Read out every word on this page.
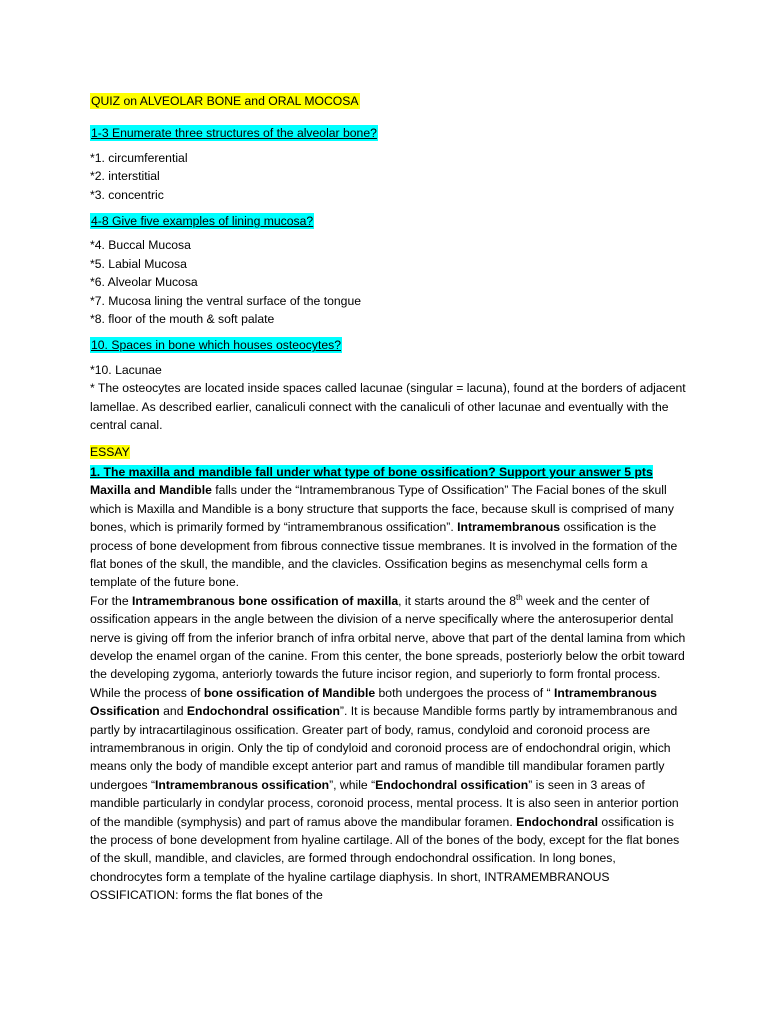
QUIZ on ALVEOLAR BONE and ORAL MOCOSA

1-3 Enumerate three structures of the alveolar bone?

*1. circumferential

*2. interstitial

*3. concentric

4-8 Give five examples of lining mucosa?

*4. Buccal Mucosa

*5. Labial Mucosa

*6. Alveolar Mucosa

*7. Mucosa lining the ventral surface of the tongue

*8. floor of the mouth & soft palate

10. Spaces in bone which houses osteocytes?

*10. Lacunae

* The osteocytes are located inside spaces called lacunae (singular = lacuna), found at the borders of adjacent lamellae. As described earlier, canaliculi connect with the canaliculi of other lacunae and eventually with the central canal.

ESSAY

1. The maxilla and mandible fall under what type of bone ossification? Support your answer 5 pts

Maxilla and Mandible falls under the “Intramembranous Type of Ossification” The Facial bones of the skull which is Maxilla and Mandible is a bony structure that supports the face, because skull is comprised of many bones, which is primarily formed by “intramembranous ossification”. Intramembranous ossification is the process of bone development from fibrous connective tissue membranes. It is involved in the formation of the flat bones of the skull, the mandible, and the clavicles. Ossification begins as mesenchymal cells form a template of the future bone.

For the Intramembranous bone ossification of maxilla, it starts around the 8th week and the center of ossification appears in the angle between the division of a nerve specifically where the anterosuperior dental nerve is giving off from the inferior branch of infra orbital nerve, above that part of the dental lamina from which develop the enamel organ of the canine. From this center, the bone spreads, posteriorly below the orbit toward the developing zygoma, anteriorly towards the future incisor region, and superiorly to form frontal process.

While the process of bone ossification of Mandible both undergoes the process of “ Intramembranous Ossification and Endochondral ossification”. It is because Mandible forms partly by intramembranous and partly by intracartilaginous ossification. Greater part of body, ramus, condyloid and coronoid process are intramembranous in origin. Only the tip of condyloid and coronoid process are of endochondral origin, which means only the body of mandible except anterior part and ramus of mandible till mandibular foramen partly undergoes “Intramembranous ossification”, while “Endochondral ossification” is seen in 3 areas of mandible particularly in condylar process, coronoid process, mental process. It is also seen in anterior portion of the mandible (symphysis) and part of ramus above the mandibular foramen. Endochondral ossification is the process of bone development from hyaline cartilage. All of the bones of the body, except for the flat bones of the skull, mandible, and clavicles, are formed through endochondral ossification. In long bones, chondrocytes form a template of the hyaline cartilage diaphysis. In short, INTRAMEMBRANOUS OSSIFICATION: forms the flat bones of the
